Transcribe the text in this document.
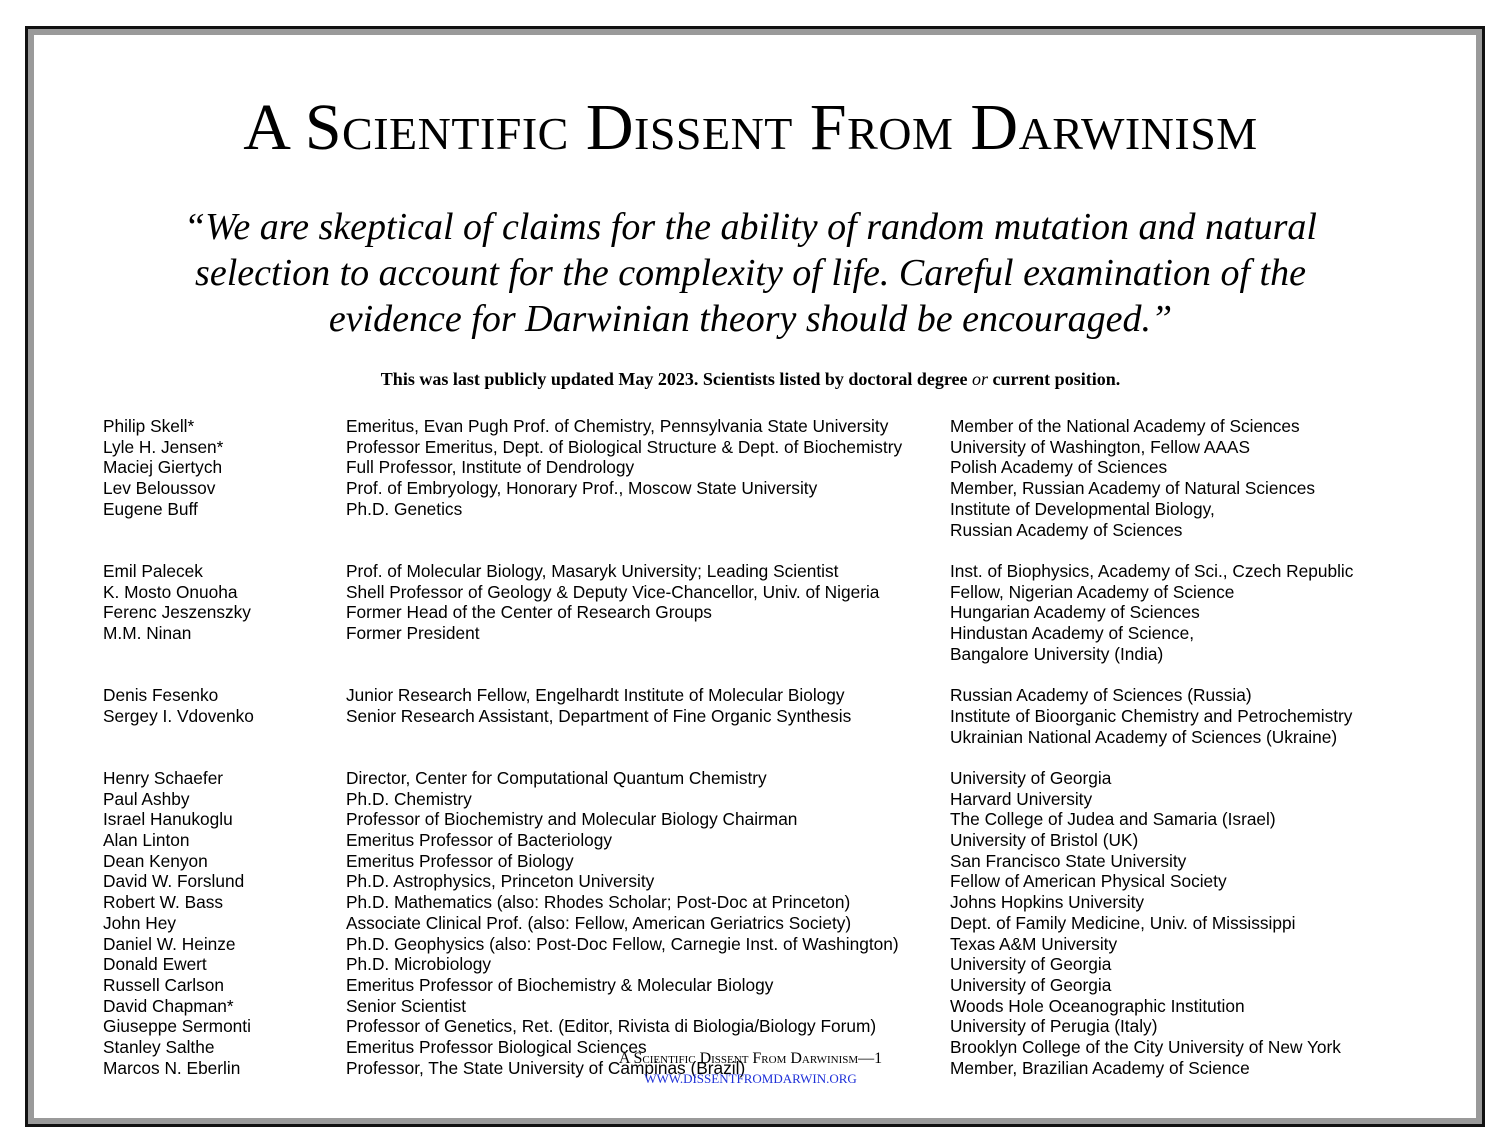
A Scientific Dissent From Darwinism
“We are skeptical of claims for the ability of random mutation and natural selection to account for the complexity of life. Careful examination of the evidence for Darwinian theory should be encouraged.”
This was last publicly updated May 2023. Scientists listed by doctoral degree or current position.
Philip Skell*	Emeritus, Evan Pugh Prof. of Chemistry, Pennsylvania State University	Member of the National Academy of Sciences
Lyle H. Jensen*	Professor Emeritus, Dept. of Biological Structure & Dept. of Biochemistry	University of Washington, Fellow AAAS
Maciej Giertych	Full Professor, Institute of Dendrology	Polish Academy of Sciences
Lev Beloussov	Prof. of Embryology, Honorary Prof., Moscow State University	Member, Russian Academy of Natural Sciences
Eugene Buff	Ph.D. Genetics	Institute of Developmental Biology,
Russian Academy of Sciences
Emil Palecek	Prof. of Molecular Biology, Masaryk University; Leading Scientist	Inst. of Biophysics, Academy of Sci., Czech Republic
K. Mosto Onuoha	Shell Professor of Geology & Deputy Vice-Chancellor, Univ. of Nigeria	Fellow, Nigerian Academy of Science
Ferenc Jeszenszky	Former Head of the Center of Research Groups	Hungarian Academy of Sciences
M.M. Ninan	Former President	Hindustan Academy of Science,
Bangalore University (India)
Denis Fesenko	Junior Research Fellow, Engelhardt Institute of Molecular Biology	Russian Academy of Sciences (Russia)
Sergey I. Vdovenko	Senior Research Assistant, Department of Fine Organic Synthesis	Institute of Bioorganic Chemistry and Petrochemistry
Ukrainian National Academy of Sciences (Ukraine)
Henry Schaefer	Director, Center for Computational Quantum Chemistry	University of Georgia
Paul Ashby	Ph.D. Chemistry	Harvard University
Israel Hanukoglu	Professor of Biochemistry and Molecular Biology Chairman	The College of Judea and Samaria (Israel)
Alan Linton	Emeritus Professor of Bacteriology	University of Bristol (UK)
Dean Kenyon	Emeritus Professor of Biology	San Francisco State University
David W. Forslund	Ph.D. Astrophysics, Princeton University	Fellow of American Physical Society
Robert W. Bass	Ph.D. Mathematics (also: Rhodes Scholar; Post-Doc at Princeton)	Johns Hopkins University
John Hey	Associate Clinical Prof. (also: Fellow, American Geriatrics Society)	Dept. of Family Medicine, Univ. of Mississippi
Daniel W. Heinze	Ph.D. Geophysics (also: Post-Doc Fellow, Carnegie Inst. of Washington)	Texas A&M University
Donald Ewert	Ph.D. Microbiology	University of Georgia
Russell Carlson	Emeritus Professor of Biochemistry & Molecular Biology	University of Georgia
David Chapman*	Senior Scientist	Woods Hole Oceanographic Institution
Giuseppe Sermonti	Professor of Genetics, Ret. (Editor, Rivista di Biologia/Biology Forum)	University of Perugia (Italy)
Stanley Salthe	Emeritus Professor Biological Sciences	Brooklyn College of the City University of New York
Marcos N. Eberlin	Professor, The State University of Campinas (Brazil)	Member, Brazilian Academy of Science
A Scientific Dissent From Darwinism—1
WWW.DISSENTFROMDARWIN.ORG
